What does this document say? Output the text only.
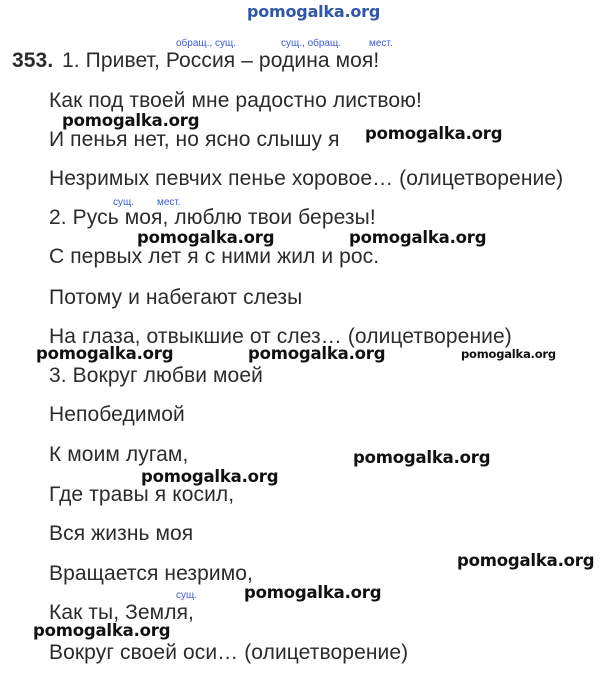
pomogalka.org
обращ., сущ.	сущ., обращ.	мест.
сущ. мест.
сущ.
353. 1. Привет, Россия – родина моя!
Как под твоей мне радостно листвою!
И пенья нет, но ясно слышу я
Незримых певчих пенье хоровое… (олицетворение)
2. Русь моя, люблю твои березы!
С первых лет я с ними жил и рос.
Потому и набегают слезы
На глаза, отвыкшие от слез… (олицетворение)
3. Вокруг любви моей
Непобедимой
К моим лугам,
Где травы я косил,
Вся жизнь моя
Вращается незримо,
Как ты, Земля,
Вокруг своей оси… (олицетворение)
pomogalka.org
pomogalka.org
pomogalka.org	pomogalka.org
pomogalka.org	pomogalka.org	pomogalka.org
pomogalka.org
pomogalka.org
pomogalka.org
pomogalka.org
pomogalka.org
